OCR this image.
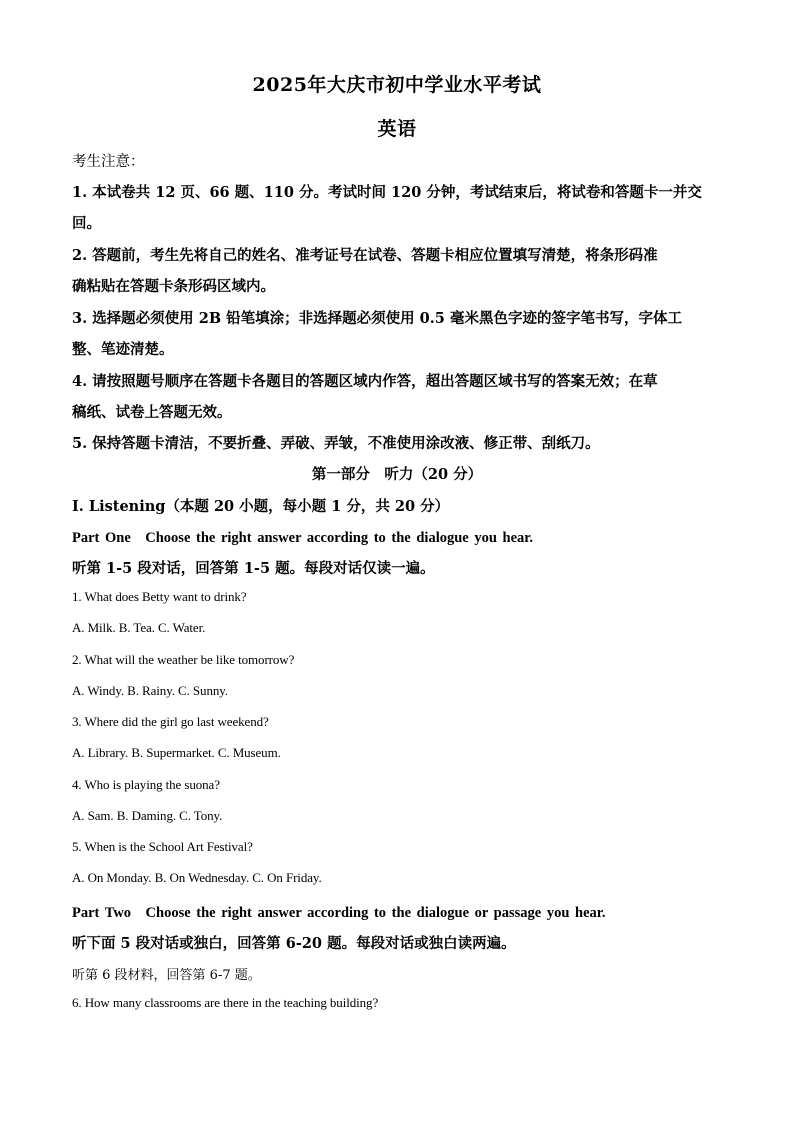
2025年大庆市初中学业水平考试
英语
考生注意：
1. 本试卷共 12 页、66 题、110 分。考试时间 120 分钟，考试结束后，将试卷和答题卡一并交
回。
2. 答题前，考生先将自己的姓名、准考证号在试卷、答题卡相应位置填写清楚，将条形码准
确粘贴在答题卡条形码区域内。
3. 选择题必须使用 2B 铅笔填涂；非选择题必须使用 0.5 毫米黑色字迹的签字笔书写，字体工
整、笔迹清楚。
4. 请按照题号顺序在答题卡各题目的答题区域内作答，超出答题区域书写的答案无效；在草
稿纸、试卷上答题无效。
5. 保持答题卡清洁，不要折叠、弄破、弄皱，不准使用涂改液、修正带、刮纸刀。
第一部分　听力（20 分）
Ⅰ. Listening（本题 20 小题，每小题 1 分，共 20 分）
Part One　Choose the right answer according to the dialogue you hear.
听第 1-5 段对话，回答第 1-5 题。每段对话仅读一遍。
1. What does Betty want to drink?
A. Milk. B. Tea. C. Water.
2. What will the weather be like tomorrow?
A. Windy. B. Rainy. C. Sunny.
3. Where did the girl go last weekend?
A. Library. B. Supermarket. C. Museum.
4. Who is playing the suona?
A. Sam. B. Daming. C. Tony.
5. When is the School Art Festival?
A. On Monday. B. On Wednesday. C. On Friday.
Part Two　Choose the right answer according to the dialogue or passage you hear.
听下面 5 段对话或独白，回答第 6-20 题。每段对话或独白读两遍。
听第 6 段材料，回答第 6-7 题。
6. How many classrooms are there in the teaching building?
